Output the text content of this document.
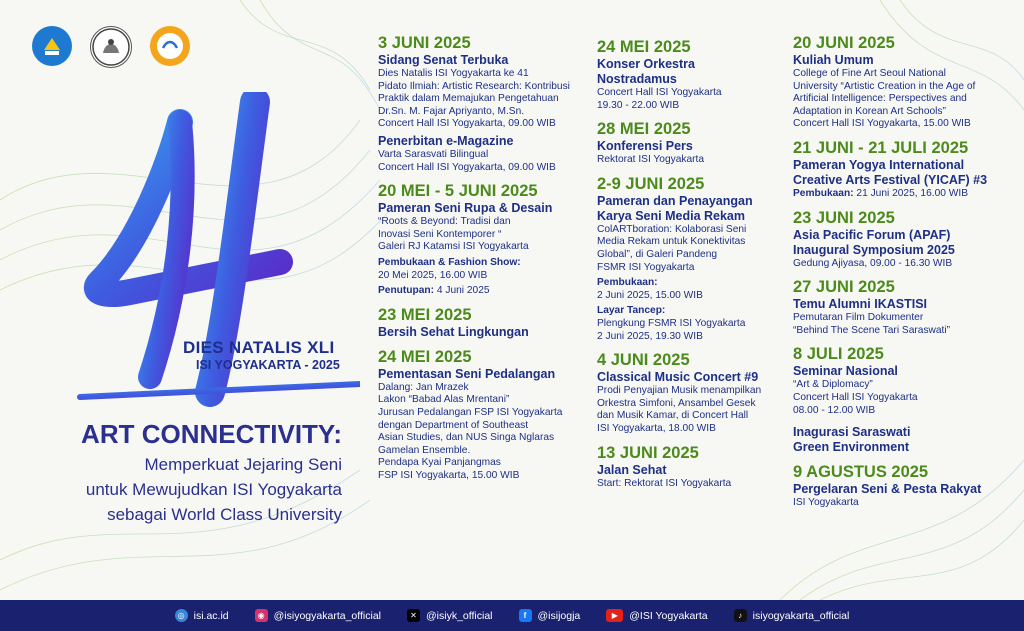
DIES NATALIS XLI
ISI YOGYAKARTA - 2025
ART CONNECTIVITY:
Memperkuat Jejaring Seni
untuk Mewujudkan ISI Yogyakarta
sebagai World Class University

3 JUNI 2025

Sidang Senat Terbuka

Dies Natalis ISI Yogyakarta ke 41

Pidato Ilmiah: Artistic Research: Kontribusi

Praktik dalam Memajukan Pengetahuan

Dr.Sn. M. Fajar Apriyanto, M.Sn.

Concert Hall ISI Yogyakarta, 09.00 WIB

Penerbitan e-Magazine

Varta Sarasvati Bilingual

Concert Hall ISI Yogyakarta, 09.00 WIB

20 MEI - 5 JUNI 2025

Pameran Seni Rupa & Desain

“Roots & Beyond: Tradisi dan

Inovasi Seni Kontemporer “

Galeri RJ Katamsi ISI Yogyakarta

Pembukaan & Fashion Show:

20 Mei 2025, 16.00 WIB

Penutupan: 4 Juni 2025

23 MEI 2025

Bersih Sehat Lingkungan

24 MEI 2025

Pementasan Seni Pedalangan

Dalang: Jan Mrazek

Lakon “Babad Alas Mrentani”

Jurusan Pedalangan FSP ISI Yogyakarta

dengan Department of Southeast

Asian Studies, dan NUS Singa Nglaras

Gamelan Ensemble.

Pendapa Kyai Panjangmas

FSP ISI Yogyakarta, 15.00 WIB

24 MEI 2025

Konser Orkestra

Nostradamus

Concert Hall ISI Yogyakarta

19.30 - 22.00 WIB

28 MEI 2025

Konferensi Pers

Rektorat ISI Yogyakarta

2-9 JUNI 2025

Pameran dan Penayangan

Karya Seni Media Rekam

ColARTboration: Kolaborasi Seni

Media Rekam untuk Konektivitas

Global”, di Galeri Pandeng

FSMR ISI Yogyakarta

Pembukaan:

2 Juni 2025, 15.00 WIB

Layar Tancep:

Plengkung FSMR ISI Yogyakarta

2 Juni 2025, 19.30 WIB

4 JUNI 2025

Classical Music Concert #9

Prodi Penyajian Musik menampilkan

Orkestra Simfoni, Ansambel Gesek

dan Musik Kamar, di Concert Hall

ISI Yogyakarta, 18.00 WIB

13 JUNI 2025

Jalan Sehat

Start: Rektorat ISI Yogyakarta

20 JUNI 2025

Kuliah Umum

College of Fine Art Seoul National

University “Artistic Creation in the Age of

Artificial Intelligence: Perspectives and

Adaptation in Korean Art Schools”

Concert Hall ISI Yogyakarta, 15.00 WIB

21 JUNI - 21 JULI 2025

Pameran Yogya International

Creative Arts Festival (YICAF) #3

Pembukaan: 21 Juni 2025, 16.00 WIB

23 JUNI 2025

Asia Pacific Forum (APAF)

Inaugural Symposium 2025

Gedung Ajiyasa, 09.00 - 16.30 WIB

27 JUNI 2025

Temu Alumni IKASTISI

Pemutaran Film Dokumenter

“Behind The Scene Tari Saraswati”

8 JULI 2025

Seminar Nasional

“Art & Diplomacy”

Concert Hall ISI Yogyakarta

08.00 - 12.00 WIB

Inagurasi Saraswati

Green Environment

9 AGUSTUS 2025

Pergelaran Seni & Pesta Rakyat

ISI Yogyakarta

◎ isi.ac.id	◉ @isiyogyakarta_official	✕ @isiyk_official	f	@isijogja	▶	@ISI Yogyakarta	♪	isiyogyakarta_official
